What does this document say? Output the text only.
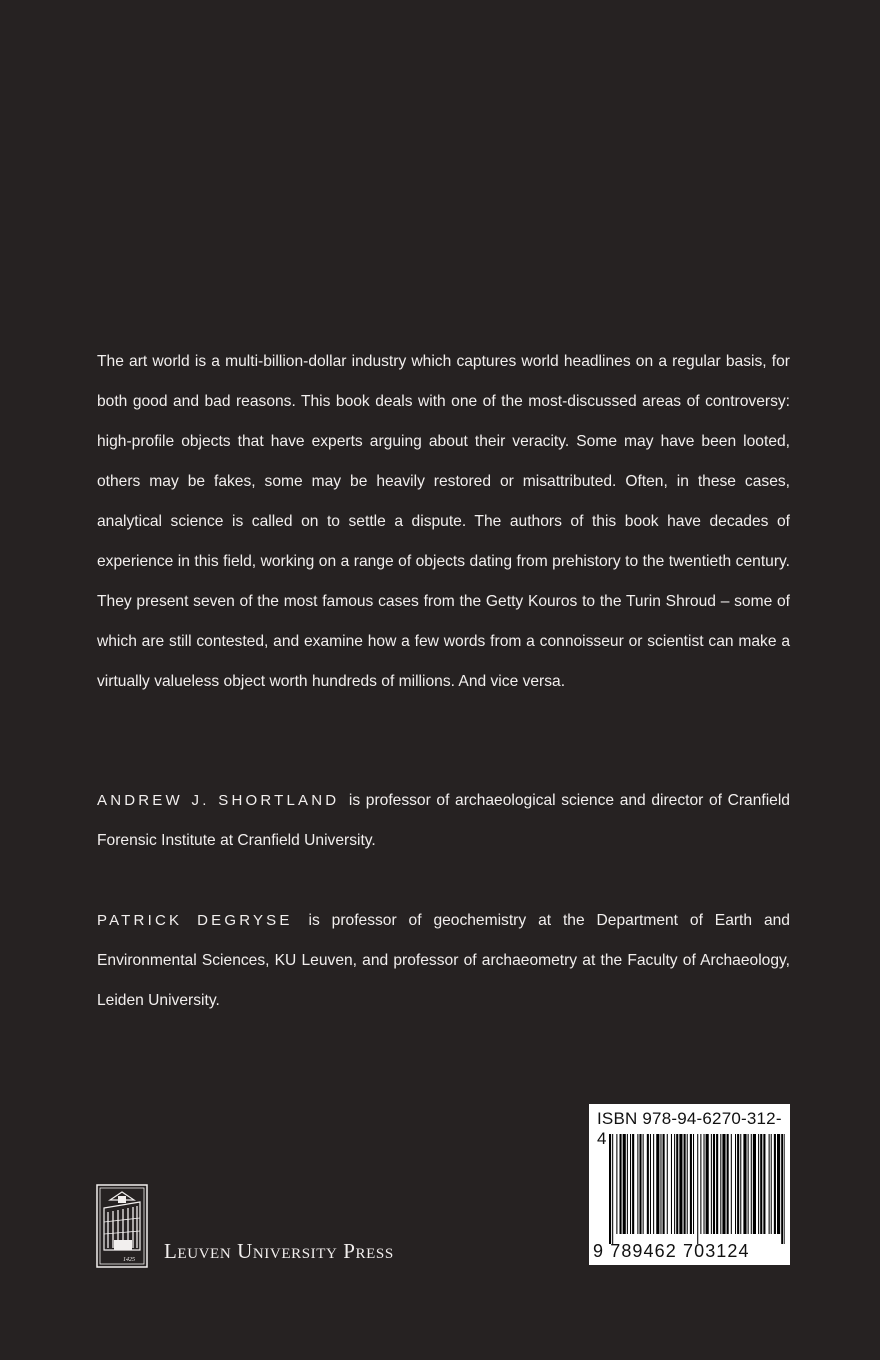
The art world is a multi-billion-dollar industry which captures world headlines on a regular basis, for both good and bad reasons. This book deals with one of the most-discussed areas of controversy: high-profile objects that have experts arguing about their veracity. Some may have been looted, others may be fakes, some may be heavily restored or misattributed. Often, in these cases, analytical science is called on to settle a dispute. The authors of this book have decades of experience in this field, working on a range of objects dating from prehistory to the twentieth century. They present seven of the most famous cases from the Getty Kouros to the Turin Shroud – some of which are still contested, and examine how a few words from a connoisseur or scientist can make a virtually valueless object worth hundreds of millions. And vice versa.

ANDREW J. SHORTLAND is professor of archaeological science and director of Cranfield Forensic Institute at Cranfield University.

PATRICK DEGRYSE is professor of geochemistry at the Department of Earth and Environmental Sciences, KU Leuven, and professor of archaeometry at the Faculty of Archaeology, Leiden University.

1425 Leuven University Press
ISBN 978-94-6270-312-4
9 789462 703124
